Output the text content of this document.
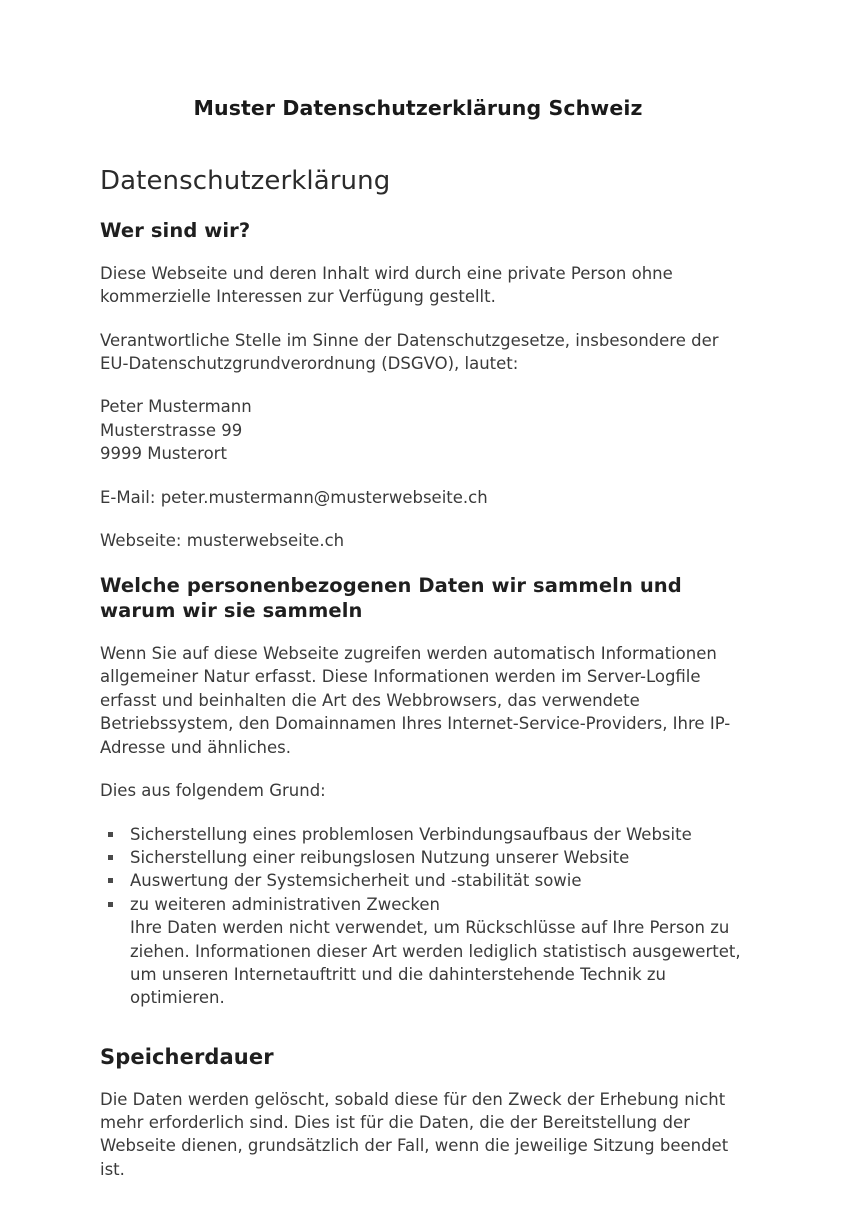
Muster Datenschutzerklärung Schweiz
Datenschutzerklärung
Wer sind wir?

Diese Webseite und deren Inhalt wird durch eine private Person ohne kommerzielle Interessen zur Verfügung gestellt.

Verantwortliche Stelle im Sinne der Datenschutzgesetze, insbesondere der EU-Datenschutzgrundverordnung (DSGVO), lautet:

Peter Mustermann
Musterstrasse 99
9999 Musterort

E-Mail: peter.mustermann@musterwebseite.ch

Webseite: musterwebseite.ch

Welche personenbezogenen Daten wir sammeln und warum wir sie sammeln

Wenn Sie auf diese Webseite zugreifen werden automatisch Informationen allgemeiner Natur erfasst. Diese Informationen werden im Server-Logfile erfasst und beinhalten die Art des Webbrowsers, das verwendete Betriebssystem, den Domainnamen Ihres Internet-Service-Providers, Ihre IP-Adresse und ähnliches.

Dies aus folgendem Grund:

Sicherstellung eines problemlosen Verbindungsaufbaus der Website
Sicherstellung einer reibungslosen Nutzung unserer Website
Auswertung der Systemsicherheit und -stabilität sowie
zu weiteren administrativen Zwecken
Ihre Daten werden nicht verwendet, um Rückschlüsse auf Ihre Person zu ziehen. Informationen dieser Art werden lediglich statistisch ausgewertet, um unseren Internetauftritt und die dahinterstehende Technik zu optimieren.
Speicherdauer

Die Daten werden gelöscht, sobald diese für den Zweck der Erhebung nicht mehr erforderlich sind. Dies ist für die Daten, die der Bereitstellung der Webseite dienen, grundsätzlich der Fall, wenn die jeweilige Sitzung beendet ist.
